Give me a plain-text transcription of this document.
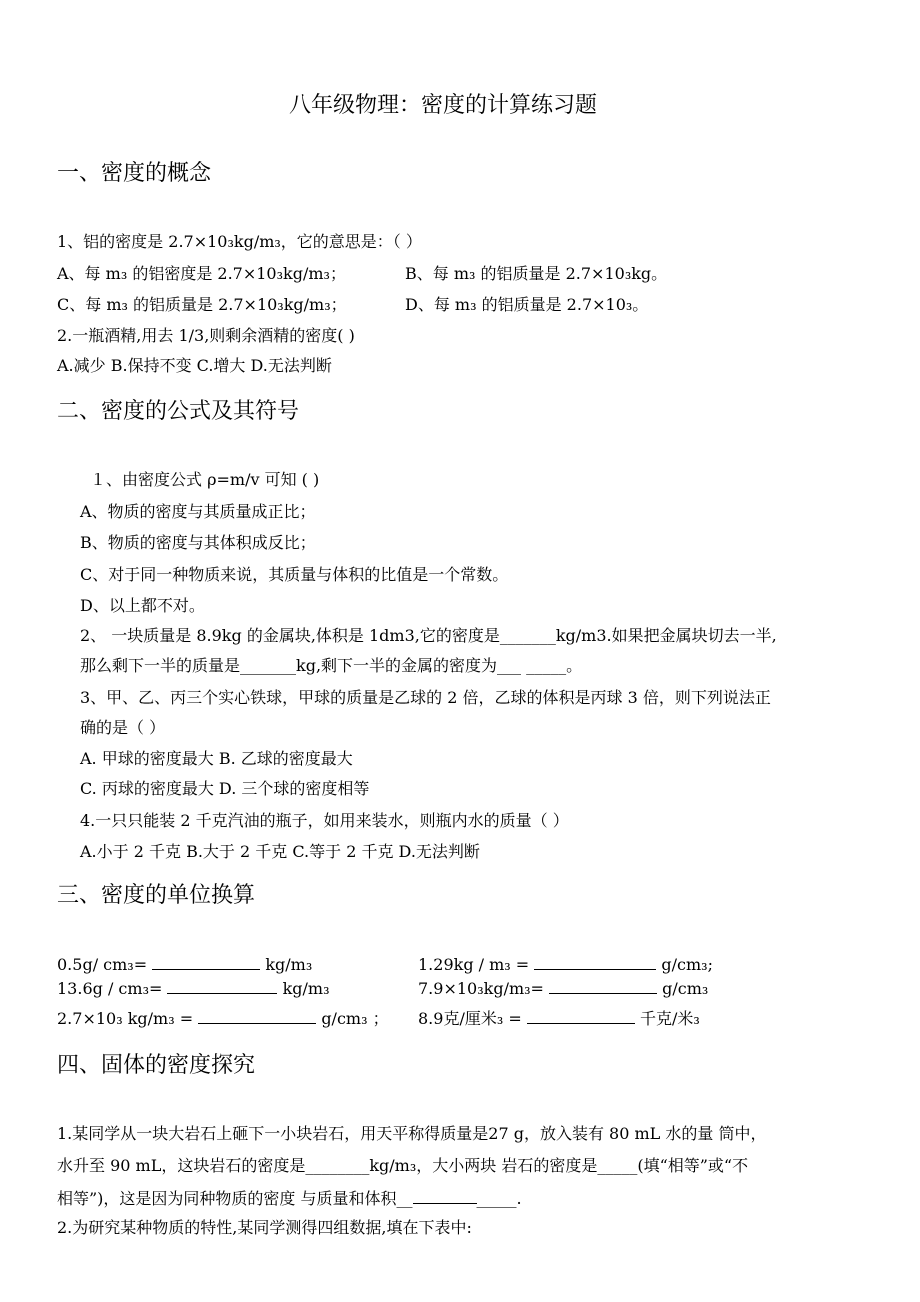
八年级物理：密度的计算练习题
一、密度的概念
1、铝的密度是 2.7×10₃kg/m₃，它的意思是：（ ）
A、每 m₃ 的铝密度是 2.7×10₃kg/m₃；	B、每 m₃ 的铝质量是 2.7×10₃kg。
C、每 m₃ 的铝质量是 2.7×10₃kg/m₃；	D、每 m₃ 的铝质量是 2.7×10₃。
2.一瓶酒精,用去 1/3,则剩余酒精的密度( )
A.减少 B.保持不变 C.增大 D.无法判断
二、密度的公式及其符号
１、由密度公式 ρ=m/v 可知 ( )
A、物质的密度与其质量成正比；
B、物质的密度与其体积成反比；
C、对于同一种物质来说，其质量与体积的比值是一个常数。
D、以上都不对。
2、 一块质量是 8.9kg 的金属块,体积是 1dm3,它的密度是_______kg/m3.如果把金属块切去一半,
那么剩下一半的质量是_______kg,剩下一半的金属的密度为___ _____。
3、甲、乙、丙三个实心铁球，甲球的质量是乙球的 2 倍，乙球的体积是丙球 3 倍，则下列说法正
确的是（ ）
A. 甲球的密度最大 B. 乙球的密度最大
C. 丙球的密度最大 D. 三个球的密度相等
4.一只只能装 2 千克汽油的瓶子，如用来装水，则瓶内水的质量（ ）
A.小于 2 千克 B.大于 2 千克 C.等于 2 千克 D.无法判断
三、密度的单位换算
0.5g/ cm₃=	kg/m₃	1.29kg / m₃ =	g/cm₃;
13.6g / cm₃=	kg/m₃	7.9×10₃kg/m₃=	g/cm₃
2.7×10₃ kg/m₃ =	g/cm₃ ； 8.9克/厘米₃ =	千克/米₃
四、固体的密度探究
1.某同学从一块大岩石上砸下一小块岩石，用天平称得质量是27 g，放入装有 80 mL 水的量 筒中，
水升至 90 mL，这块岩石的密度是________kg/m₃，大小两块 岩石的密度是_____(填“相等”或“不
相等”)，这是因为同种物质的密度 与质量和体积__	_____.
2.为研究某种物质的特性,某同学测得四组数据,填在下表中:
